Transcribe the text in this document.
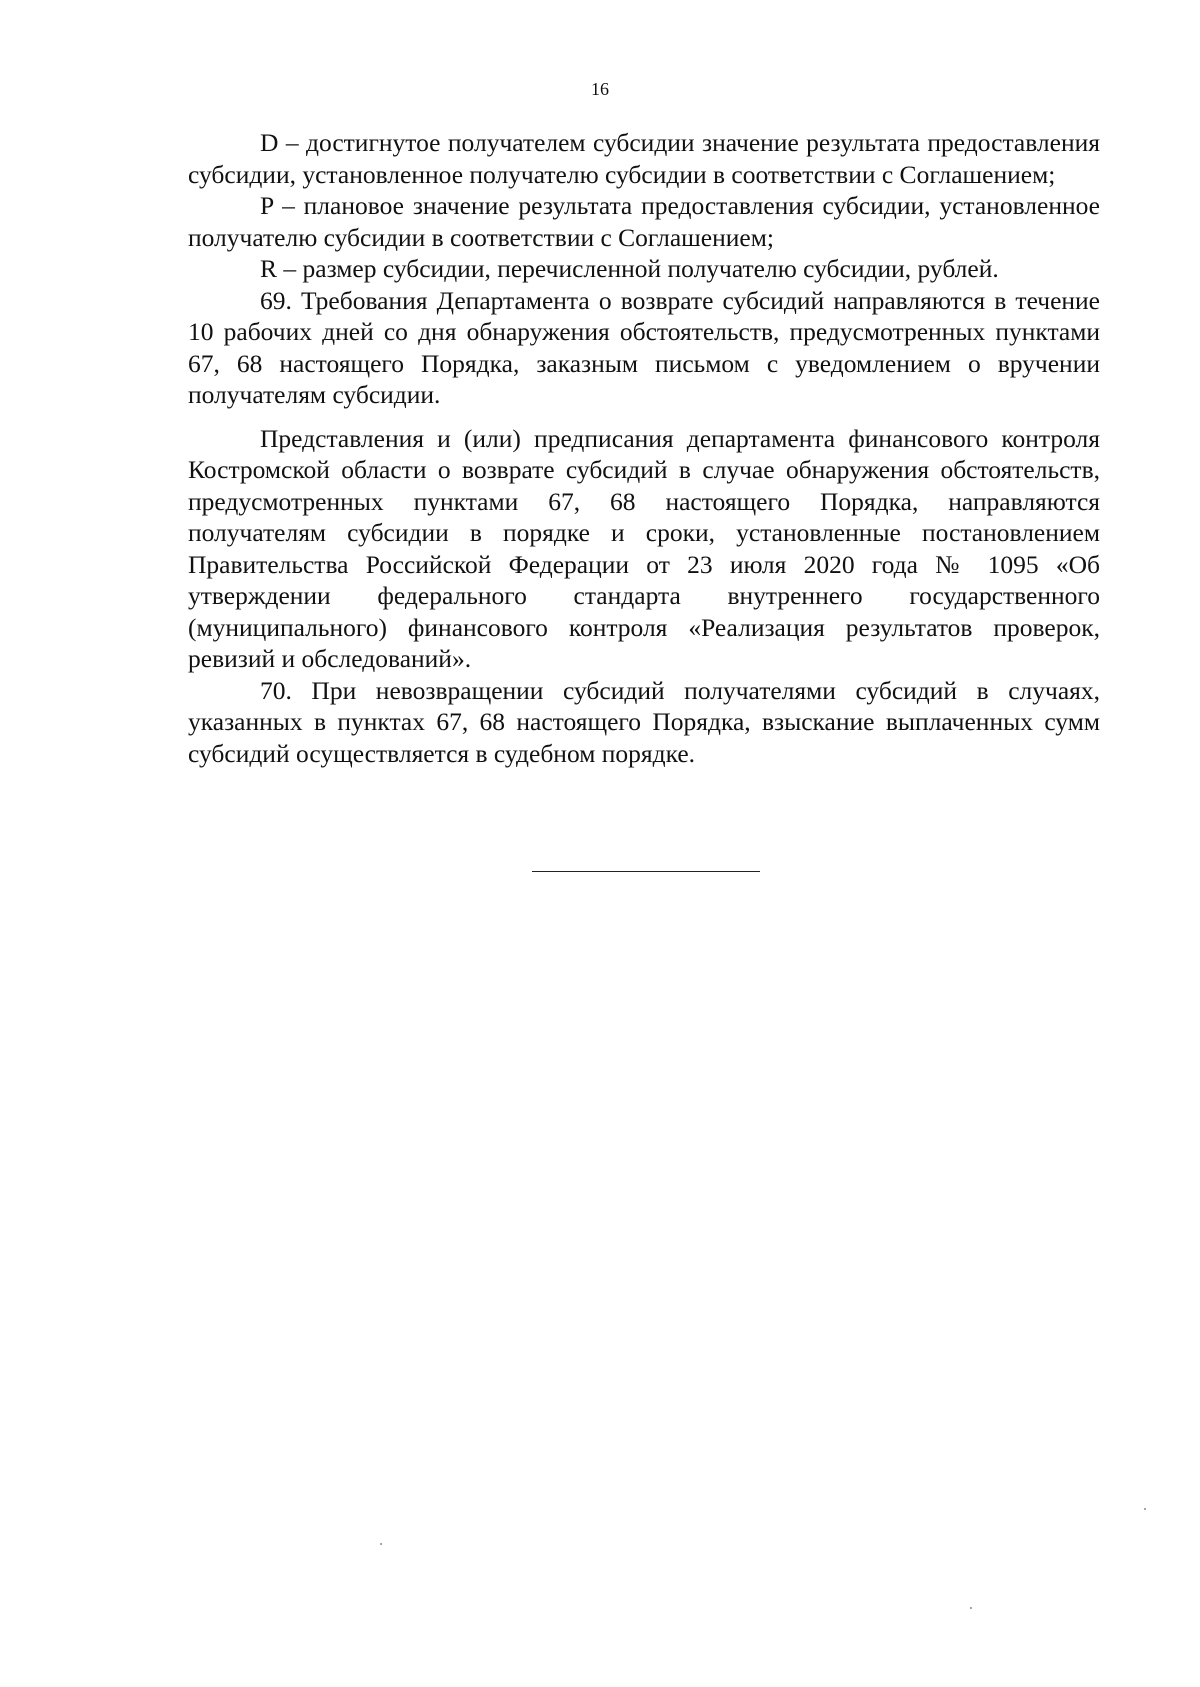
16

D – достигнутое получателем субсидии значение результата предоставления субсидии, установленное получателю субсидии в соответствии с Соглашением;

P – плановое значение результата предоставления субсидии, установленное получателю субсидии в соответствии с Соглашением;

R – размер субсидии, перечисленной получателю субсидии, рублей.

69. Требования Департамента о возврате субсидий направляются в течение 10 рабочих дней со дня обнаружения обстоятельств, предусмотренных пунктами 67, 68 настоящего Порядка, заказным письмом с уведомлением о вручении получателям субсидии.

Представления и (или) предписания департамента финансового контроля Костромской области о возврате субсидий в случае обнаружения обстоятельств, предусмотренных пунктами 67, 68 настоящего Порядка, направляются получателям субсидии в порядке и сроки, установленные постановлением Правительства Российской Федерации от 23 июля 2020 года № 1095 «Об утверждении федерального стандарта внутреннего государственного (муниципального) финансового контроля «Реализация результатов проверок, ревизий и обследований».

70. При невозвращении субсидий получателями субсидий в случаях, указанных в пунктах 67, 68 настоящего Порядка, взыскание выплаченных сумм субсидий осуществляется в судебном порядке.
